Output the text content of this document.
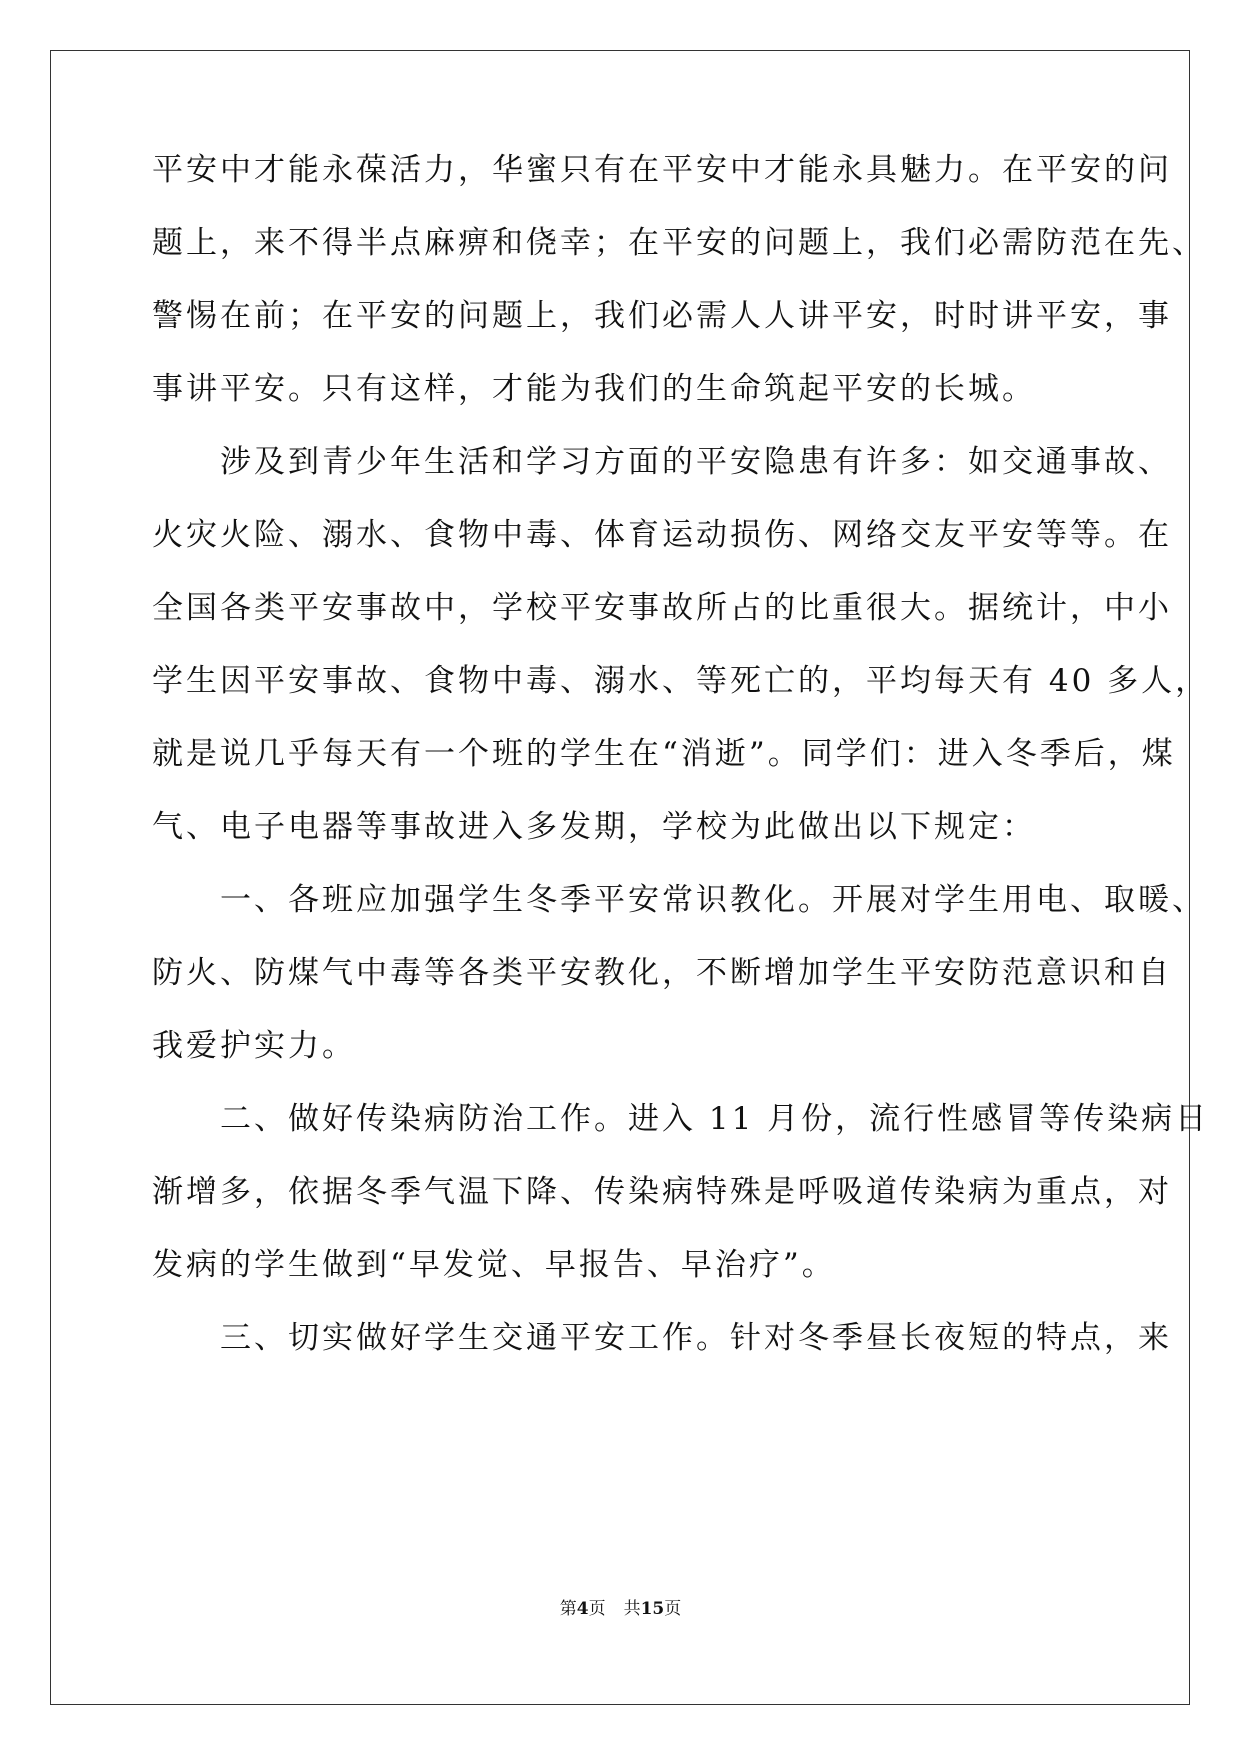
平安中才能永葆活力，华蜜只有在平安中才能永具魅力。在平安的问
题上，来不得半点麻痹和侥幸；在平安的问题上，我们必需防范在先、
警惕在前；在平安的问题上，我们必需人人讲平安，时时讲平安，事
事讲平安。只有这样，才能为我们的生命筑起平安的长城。
　　涉及到青少年生活和学习方面的平安隐患有许多：如交通事故、
火灾火险、溺水、食物中毒、体育运动损伤、网络交友平安等等。在
全国各类平安事故中，学校平安事故所占的比重很大。据统计，中小
学生因平安事故、食物中毒、溺水、等死亡的，平均每天有 40 多人，
就是说几乎每天有一个班的学生在“消逝”。同学们：进入冬季后，煤
气、电子电器等事故进入多发期，学校为此做出以下规定：
　　一、各班应加强学生冬季平安常识教化。开展对学生用电、取暖、
防火、防煤气中毒等各类平安教化，不断增加学生平安防范意识和自
我爱护实力。
　　二、做好传染病防治工作。进入 11 月份，流行性感冒等传染病日
渐增多，依据冬季气温下降、传染病特殊是呼吸道传染病为重点，对
发病的学生做到“早发觉、早报告、早治疗”。
　　三、切实做好学生交通平安工作。针对冬季昼长夜短的特点，来
第4页 共15页
